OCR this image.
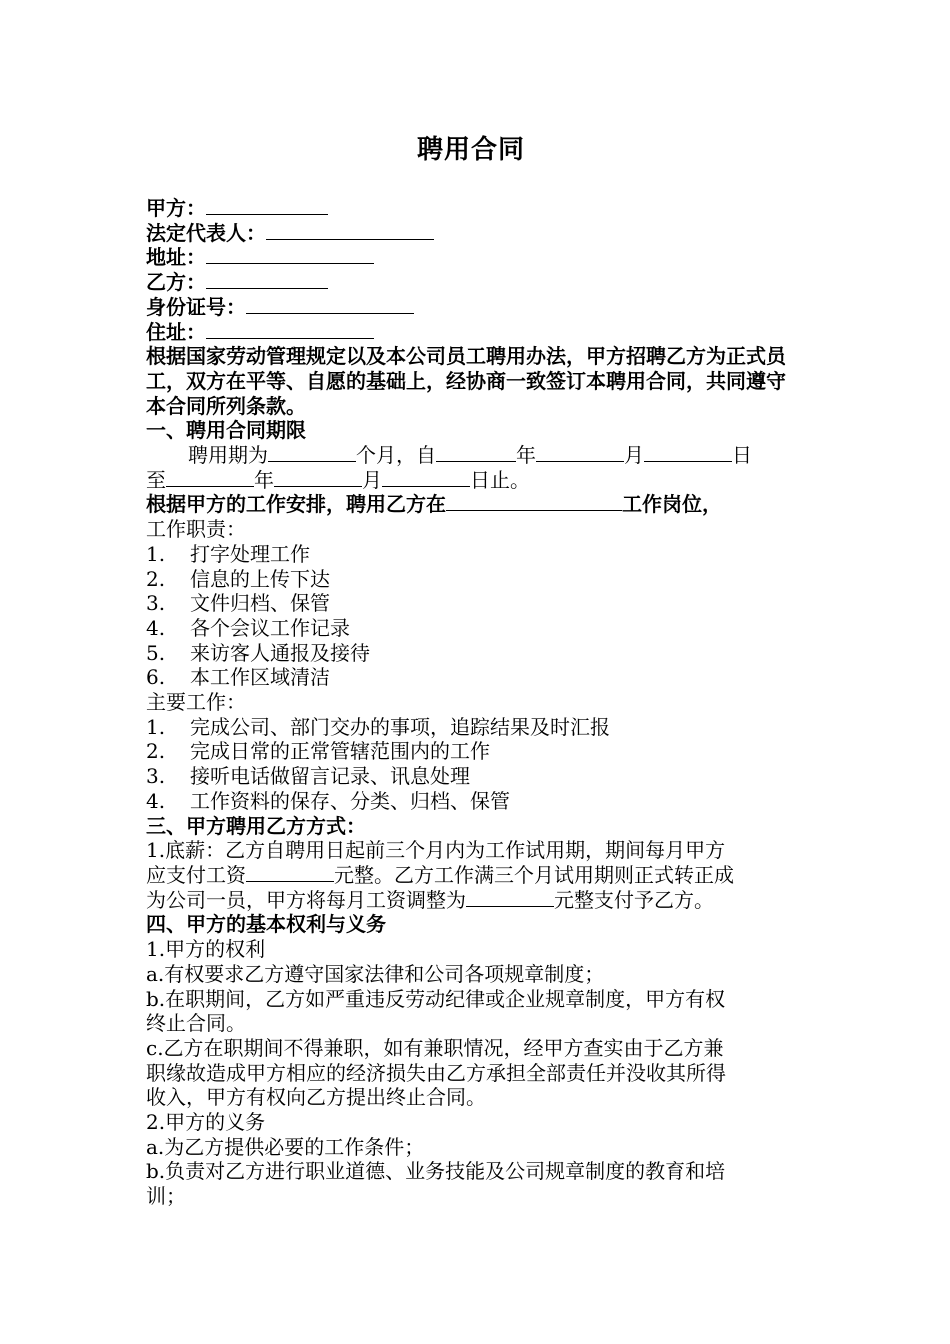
聘用合同
甲方：
法定代表人：
地址：
乙方：
身份证号：
住址：
根据国家劳动管理规定以及本公司员工聘用办法，甲方招聘乙方为正式员工，双方在平等、自愿的基础上，经协商一致签订本聘用合同，共同遵守本合同所列条款。
一、聘用合同期限
聘用期为	个月，自	年	月	日
至	年	月	日止。
根据甲方的工作安排，聘用乙方在	工作岗位，
工作职责：
1. 打字处理工作
2. 信息的上传下达
3. 文件归档、保管
4. 各个会议工作记录
5. 来访客人通报及接待
6. 本工作区域清洁
主要工作：
1. 完成公司、部门交办的事项，追踪结果及时汇报
2. 完成日常的正常管辖范围内的工作
3. 接听电话做留言记录、讯息处理
4. 工作资料的保存、分类、归档、保管
三、甲方聘用乙方方式：
1.底薪：乙方自聘用日起前三个月内为工作试用期，期间每月甲方
应支付工资	元整。乙方工作满三个月试用期则正式转正成
为公司一员，甲方将每月工资调整为	元整支付予乙方。
四、甲方的基本权利与义务
1.甲方的权利
a.有权要求乙方遵守国家法律和公司各项规章制度；
b.在职期间，乙方如严重违反劳动纪律或企业规章制度，甲方有权
终止合同。
c.乙方在职期间不得兼职，如有兼职情况，经甲方查实由于乙方兼
职缘故造成甲方相应的经济损失由乙方承担全部责任并没收其所得
收入，甲方有权向乙方提出终止合同。
2.甲方的义务
a.为乙方提供必要的工作条件；
b.负责对乙方进行职业道德、业务技能及公司规章制度的教育和培
训；
